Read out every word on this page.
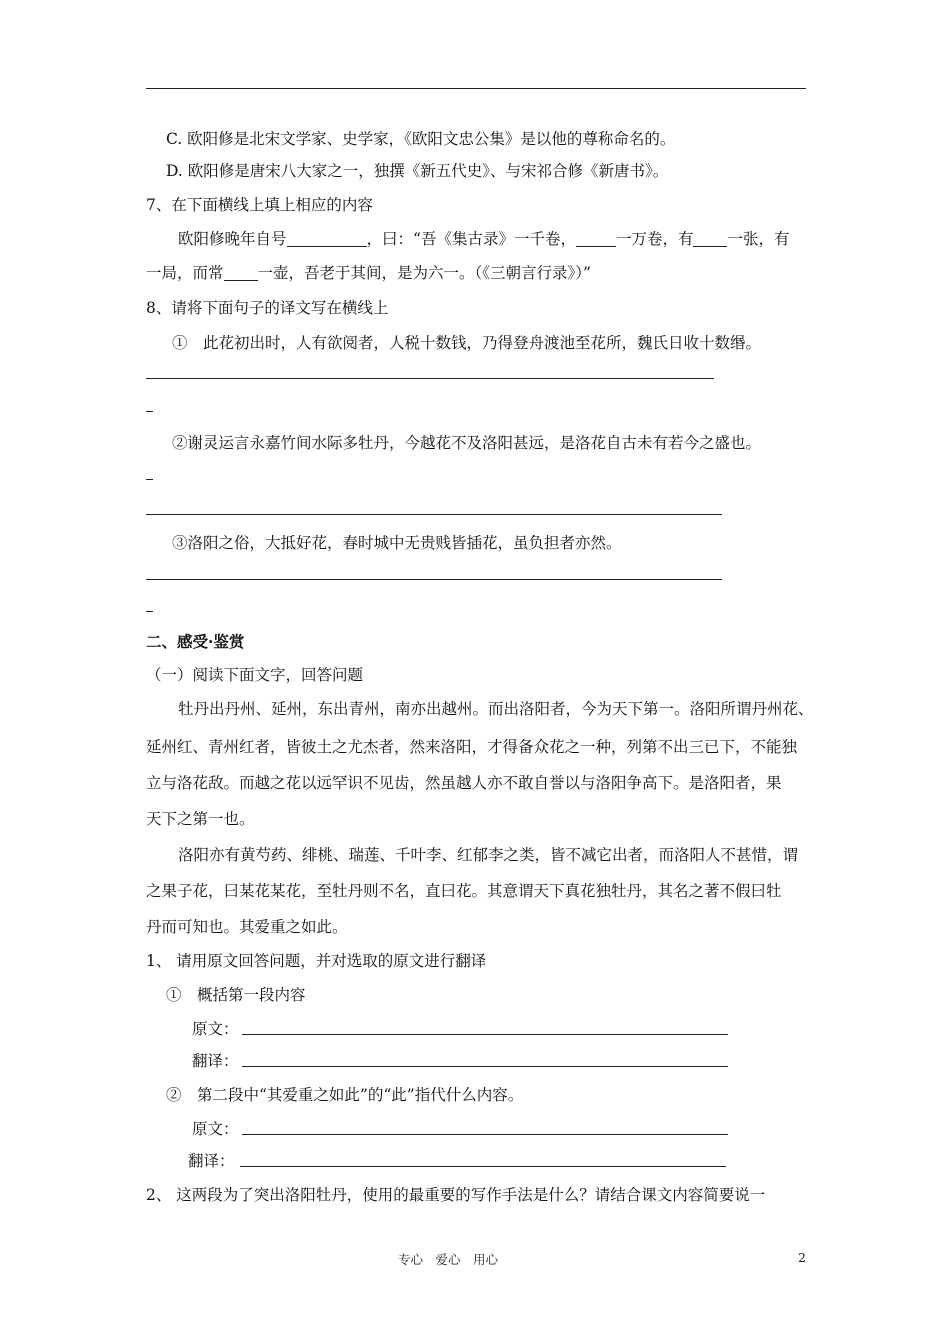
C. 欧阳修是北宋文学家、史学家，《欧阳文忠公集》是以他的尊称命名的。
D. 欧阳修是唐宋八大家之一，独撰《新五代史》、与宋祁合修《新唐书》。
7、在下面横线上填上相应的内容
欧阳修晚年自号	，曰：“吾《集古录》一千卷，	一万卷，有 一张，有
一局，而常 一壶，吾老于其间，是为六一。（《三朝言行录》）”
8、请将下面句子的译文写在横线上
①　此花初出时，人有欲阅者，人税十数钱，乃得登舟渡池至花所，魏氏日收十数缗。
②谢灵运言永嘉竹间水际多牡丹，今越花不及洛阳甚远，是洛花自古未有若今之盛也。
③洛阳之俗，大抵好花，春时城中无贵贱皆插花，虽负担者亦然。
二、感受·鉴赏
（一）阅读下面文字，回答问题
牡丹出丹州、延州，东出青州，南亦出越州。而出洛阳者，今为天下第一。洛阳所谓丹州花、
延州红、青州红者，皆彼土之尤杰者，然来洛阳，才得备众花之一种，列第不出三已下，不能独
立与洛花敌。而越之花以远罕识不见齿，然虽越人亦不敢自誉以与洛阳争高下。是洛阳者，果
天下之第一也。
洛阳亦有黄芍药、绯桃、瑞莲、千叶李、红郁李之类，皆不减它出者，而洛阳人不甚惜，谓
之果子花，曰某花某花，至牡丹则不名，直曰花。其意谓天下真花独牡丹，其名之著不假曰牡
丹而可知也。其爱重之如此。
1、 请用原文回答问题，并对选取的原文进行翻译
①　概括第一段内容
原文：
翻译：
②　第二段中“其爱重之如此”的“此”指代什么内容。
原文：
翻译：
2、 这两段为了突出洛阳牡丹，使用的最重要的写作手法是什么？请结合课文内容简要说一
专心　爱心　用心	2
